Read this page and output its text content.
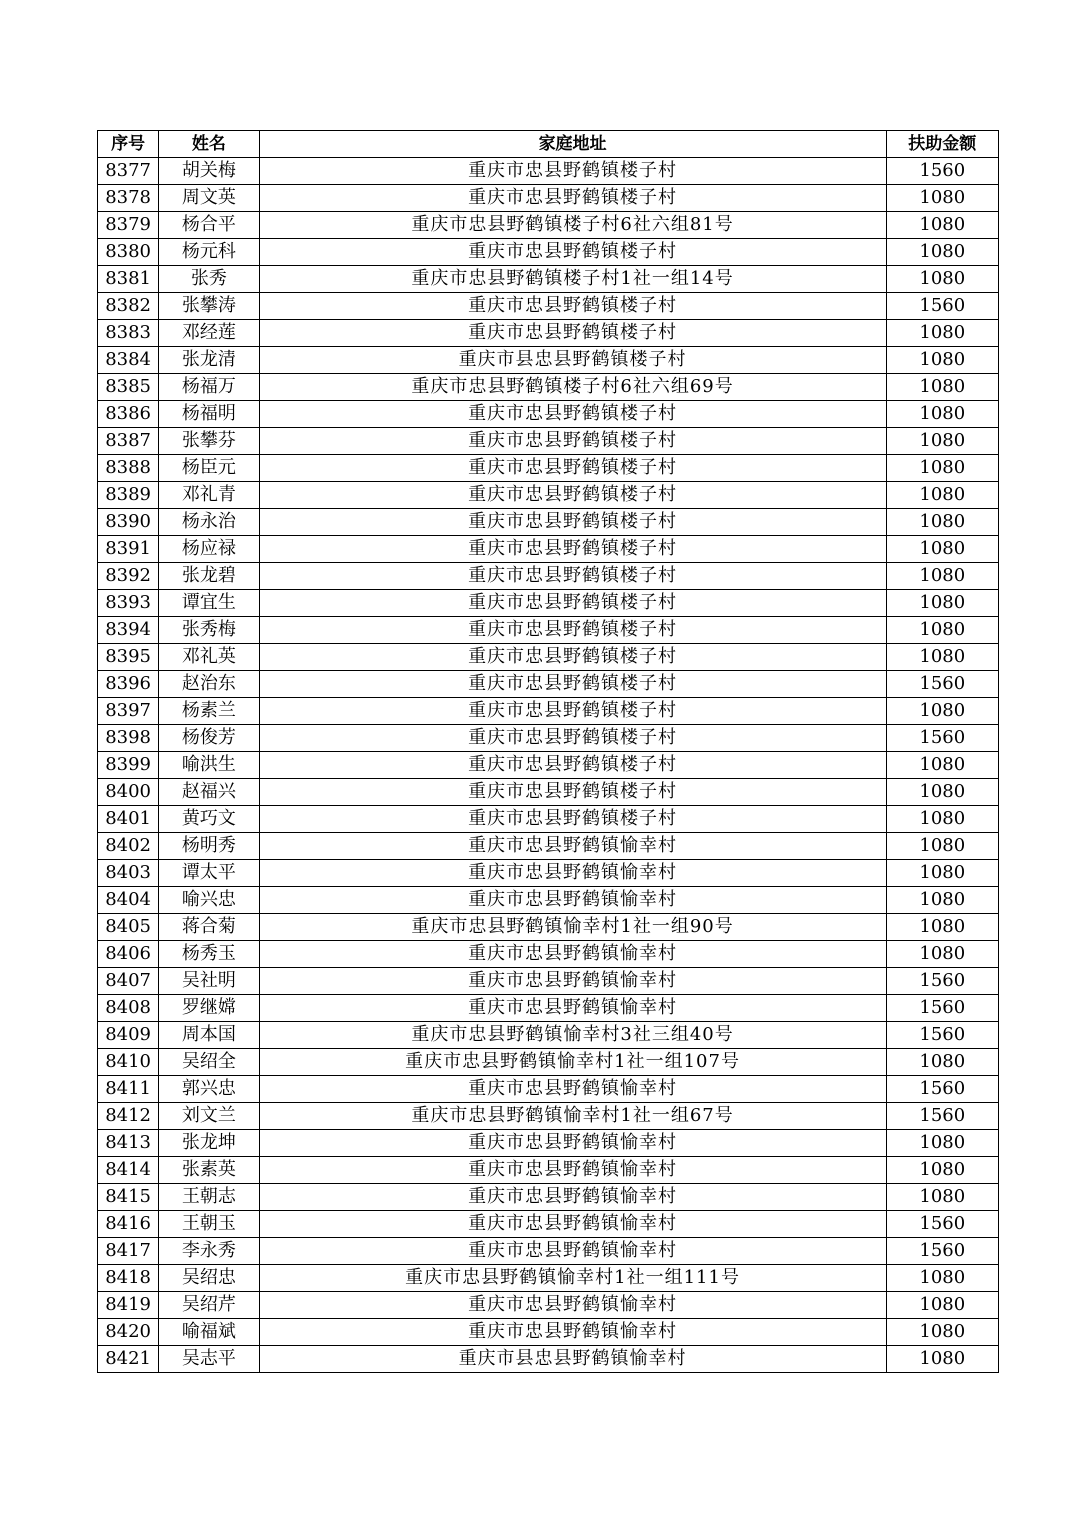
序号	姓名	家庭地址	扶助金额
8377	胡关梅	重庆市忠县野鹤镇楼子村	1560
8378	周文英	重庆市忠县野鹤镇楼子村	1080
8379	杨合平	重庆市忠县野鹤镇楼子村6社六组81号	1080
8380	杨元科	重庆市忠县野鹤镇楼子村	1080
8381	张秀	重庆市忠县野鹤镇楼子村1社一组14号	1080
8382	张攀涛	重庆市忠县野鹤镇楼子村	1560
8383	邓经莲	重庆市忠县野鹤镇楼子村	1080
8384	张龙清	重庆市县忠县野鹤镇楼子村	1080
8385	杨福万	重庆市忠县野鹤镇楼子村6社六组69号	1080
8386	杨福明	重庆市忠县野鹤镇楼子村	1080
8387	张攀芬	重庆市忠县野鹤镇楼子村	1080
8388	杨臣元	重庆市忠县野鹤镇楼子村	1080
8389	邓礼青	重庆市忠县野鹤镇楼子村	1080
8390	杨永治	重庆市忠县野鹤镇楼子村	1080
8391	杨应禄	重庆市忠县野鹤镇楼子村	1080
8392	张龙碧	重庆市忠县野鹤镇楼子村	1080
8393	谭宜生	重庆市忠县野鹤镇楼子村	1080
8394	张秀梅	重庆市忠县野鹤镇楼子村	1080
8395	邓礼英	重庆市忠县野鹤镇楼子村	1080
8396	赵治东	重庆市忠县野鹤镇楼子村	1560
8397	杨素兰	重庆市忠县野鹤镇楼子村	1080
8398	杨俊芳	重庆市忠县野鹤镇楼子村	1560
8399	喻洪生	重庆市忠县野鹤镇楼子村	1080
8400	赵福兴	重庆市忠县野鹤镇楼子村	1080
8401	黄巧文	重庆市忠县野鹤镇楼子村	1080
8402	杨明秀	重庆市忠县野鹤镇愉幸村	1080
8403	谭太平	重庆市忠县野鹤镇愉幸村	1080
8404	喻兴忠	重庆市忠县野鹤镇愉幸村	1080
8405	蒋合菊	重庆市忠县野鹤镇愉幸村1社一组90号	1080
8406	杨秀玉	重庆市忠县野鹤镇愉幸村	1080
8407	吴社明	重庆市忠县野鹤镇愉幸村	1560
8408	罗继嫦	重庆市忠县野鹤镇愉幸村	1560
8409	周本国	重庆市忠县野鹤镇愉幸村3社三组40号	1560
8410	吴绍全	重庆市忠县野鹤镇愉幸村1社一组107号	1080
8411	郭兴忠	重庆市忠县野鹤镇愉幸村	1560
8412	刘文兰	重庆市忠县野鹤镇愉幸村1社一组67号	1560
8413	张龙坤	重庆市忠县野鹤镇愉幸村	1080
8414	张素英	重庆市忠县野鹤镇愉幸村	1080
8415	王朝志	重庆市忠县野鹤镇愉幸村	1080
8416	王朝玉	重庆市忠县野鹤镇愉幸村	1560
8417	李永秀	重庆市忠县野鹤镇愉幸村	1560
8418	吴绍忠	重庆市忠县野鹤镇愉幸村1社一组111号	1080
8419	吴绍芹	重庆市忠县野鹤镇愉幸村	1080
8420	喻福斌	重庆市忠县野鹤镇愉幸村	1080
8421	吴志平	重庆市县忠县野鹤镇愉幸村	1080
